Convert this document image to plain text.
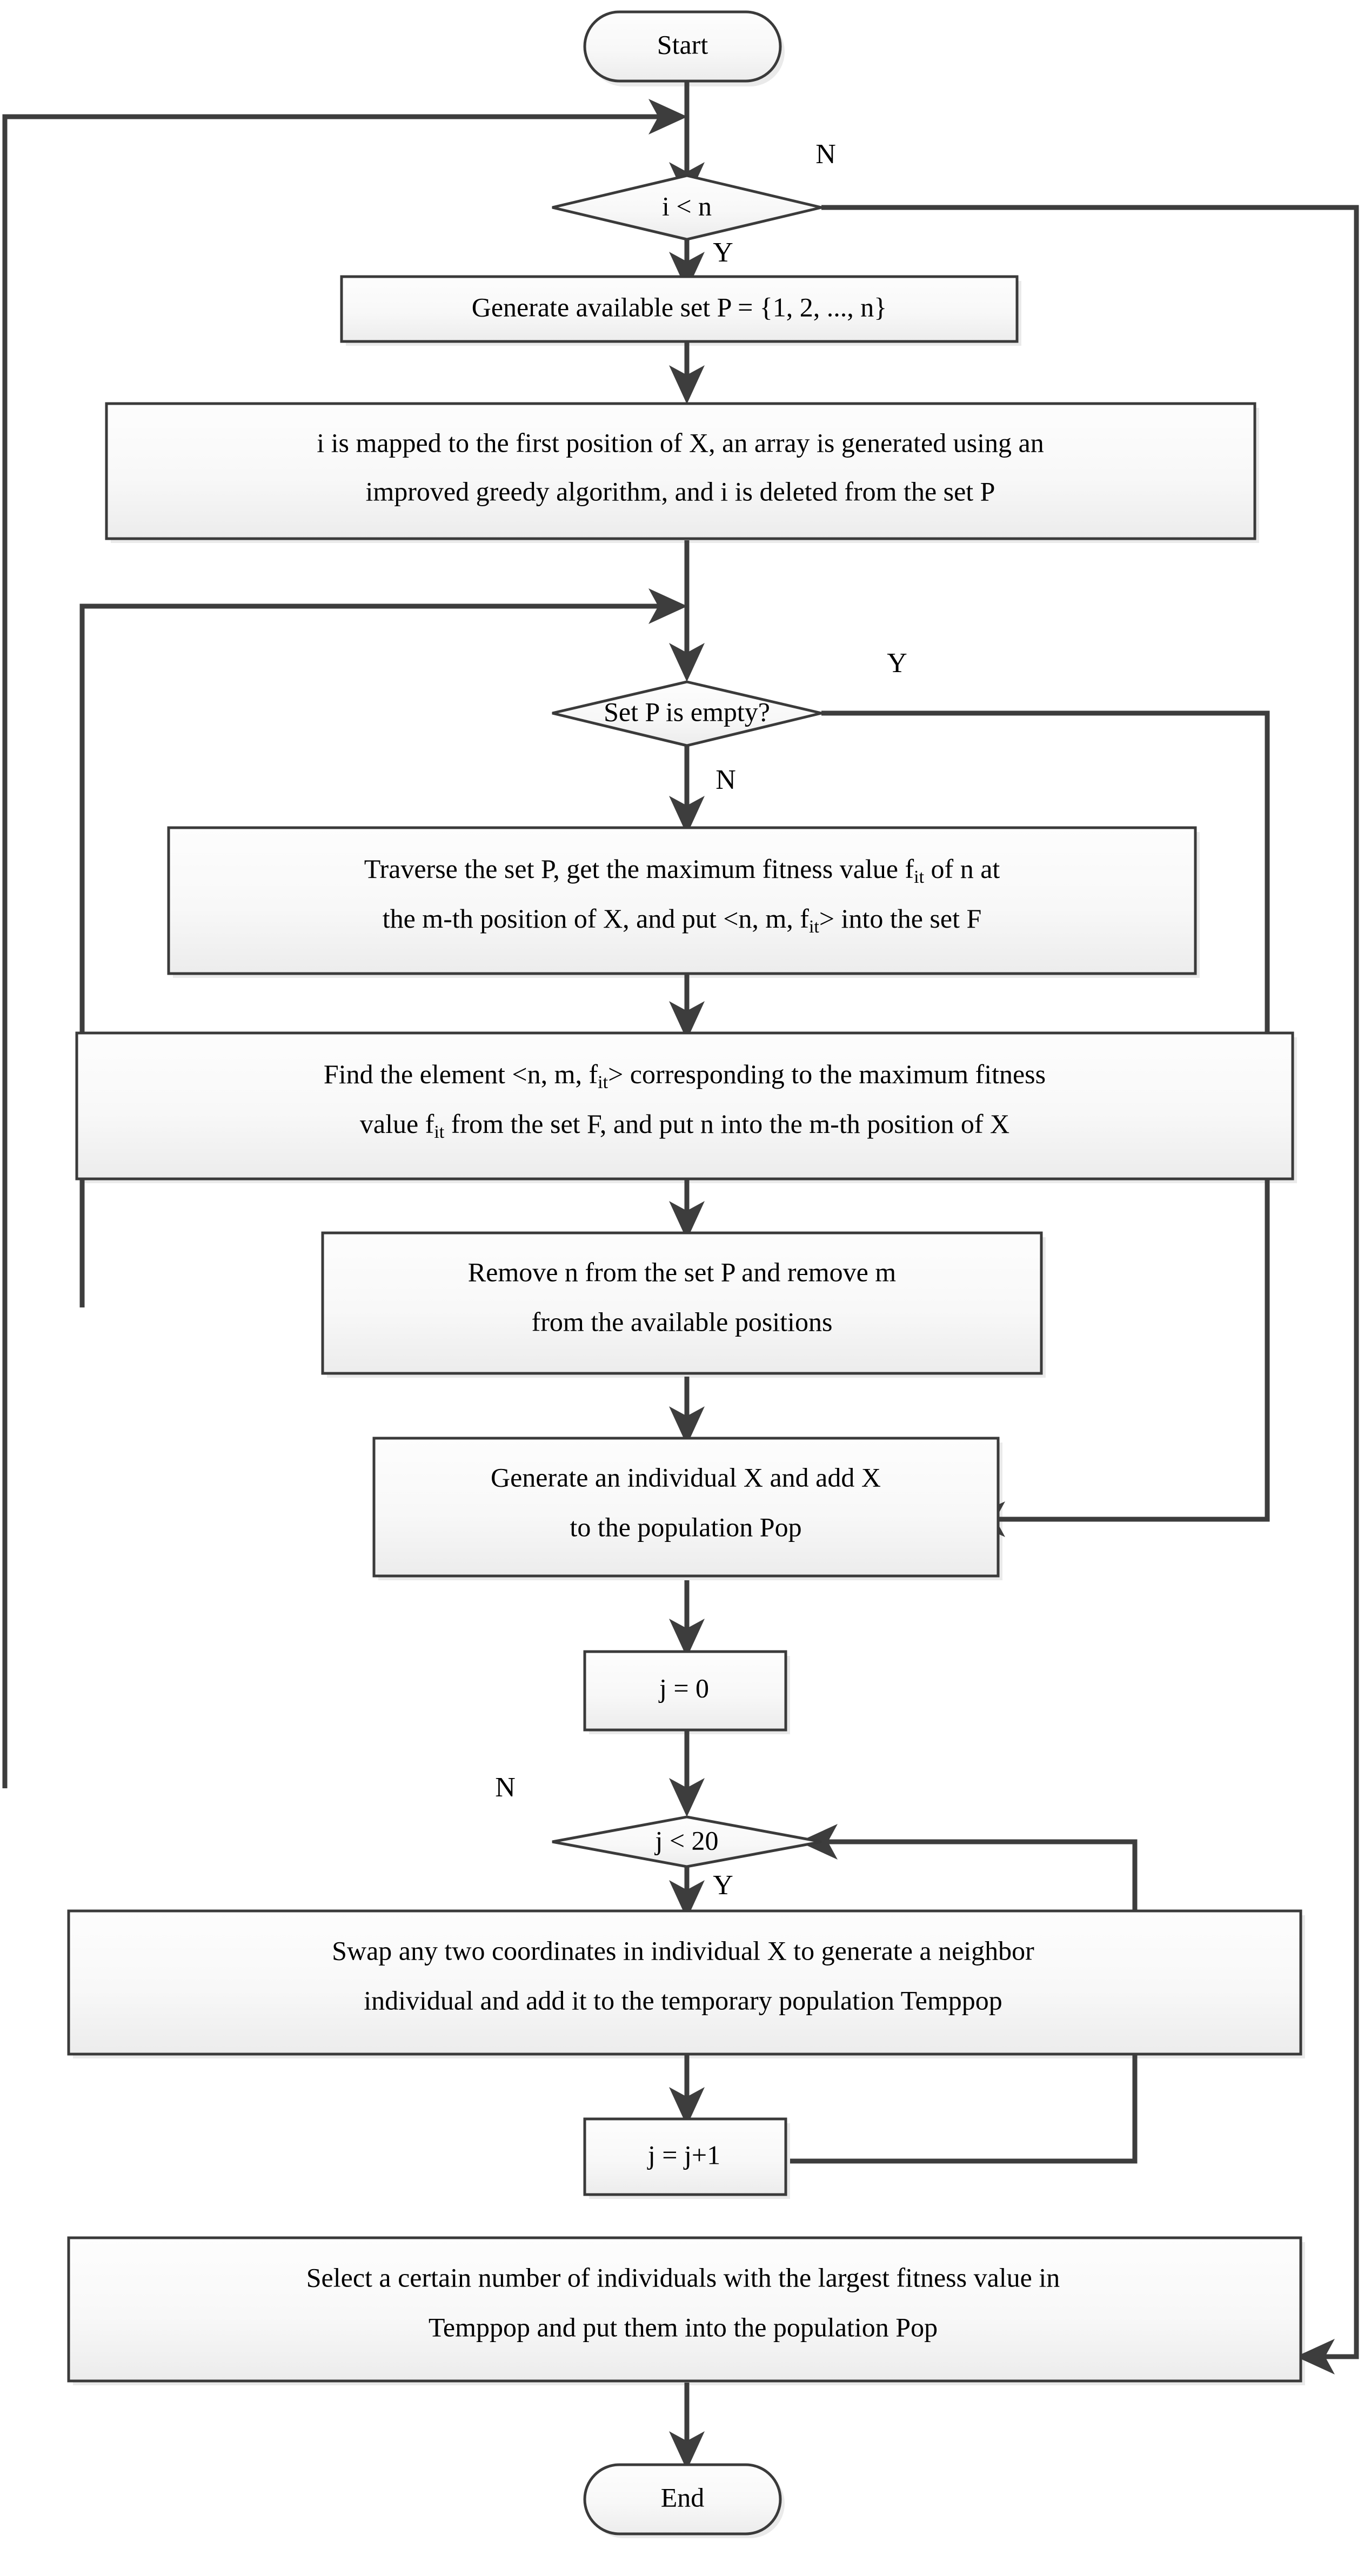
Start
i < n
N
Y
Generate available set P = {1, 2, ..., n}
i is mapped to the first position of X, an array is generated using an
improved greedy algorithm, and i is deleted from the set P
Set P is empty?
Y
N
Traverse the set P, get the maximum fitness value $f_{it}$ of n at
the m-th position of X, and put <n, m, $f_{it}>$ into the set F
Find the element <n, m, $f_{it}>$ corresponding to the maximum fitness
value $f_{it}$ from the set F, and put n into the m-th position of X
Remove n from the set P and remove m
from the available positions
Generate an individual X and add X
to the population Pop
j = 0
j < 20
N
Y
Swap any two coordinates in individual X to generate a neighbor
individual and add it to the temporary population Temppop
j = j+1
Select a certain number of individuals with the largest fitness value in
Temppop and put them into the population Pop
End
